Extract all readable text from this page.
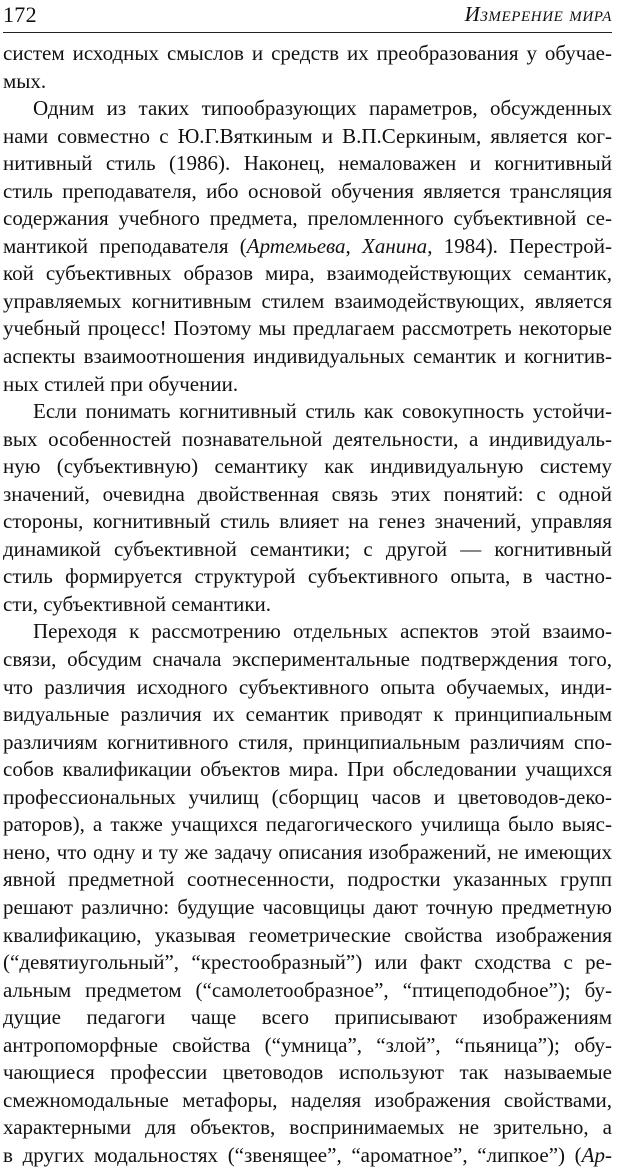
172	Измерение мира
систем исходных смыслов и средств их преобразования у обучае-
мых.
Одним из таких типообразующих параметров, обсужденных
нами совместно с Ю.Г.Вяткиным и В.П.Серкиным, является ког-
нитивный стиль (1986). Наконец, немаловажен и когнитивный
стиль преподавателя, ибо основой обучения является трансляция
содержания учебного предмета, преломленного субъективной се-
мантикой преподавателя (Артемьева, Ханина, 1984). Перестрой-
кой субъективных образов мира, взаимодействующих семантик,
управляемых когнитивным стилем взаимодействующих, является
учебный процесс! Поэтому мы предлагаем рассмотреть некоторые
аспекты взаимоотношения индивидуальных семантик и когнитив-
ных стилей при обучении.
Если понимать когнитивный стиль как совокупность устойчи-
вых особенностей познавательной деятельности, а индивидуаль-
ную (субъективную) семантику как индивидуальную систему
значений, очевидна двойственная связь этих понятий: с одной
стороны, когнитивный стиль влияет на генез значений, управляя
динамикой субъективной семантики; с другой — когнитивный
стиль формируется структурой субъективного опыта, в частно-
сти, субъективной семантики.
Переходя к рассмотрению отдельных аспектов этой взаимо-
связи, обсудим сначала экспериментальные подтверждения того,
что различия исходного субъективного опыта обучаемых, инди-
видуальные различия их семантик приводят к принципиальным
различиям когнитивного стиля, принципиальным различиям спо-
собов квалификации объектов мира. При обследовании учащихся
профессиональных училищ (сборщиц часов и цветоводов-деко-
раторов), а также учащихся педагогического училища было выяс-
нено, что одну и ту же задачу описания изображений, не имеющих
явной предметной соотнесенности, подростки указанных групп
решают различно: будущие часовщицы дают точную предметную
квалификацию, указывая геометрические свойства изображения
(“девятиугольный”, “крестообразный”) или факт сходства с ре-
альным предметом (“самолетообразное”, “птицеподобное”); бу-
дущие педагоги чаще всего приписывают изображениям
антропоморфные свойства (“умница”, “злой”, “пьяница”); обу-
чающиеся профессии цветоводов используют так называемые
смежномодальные метафоры, наделяя изображения свойствами,
характерными для объектов, воспринимаемых не зрительно, а
в других модальностях (“звенящее”, “ароматное”, “липкое”) (Ар-
